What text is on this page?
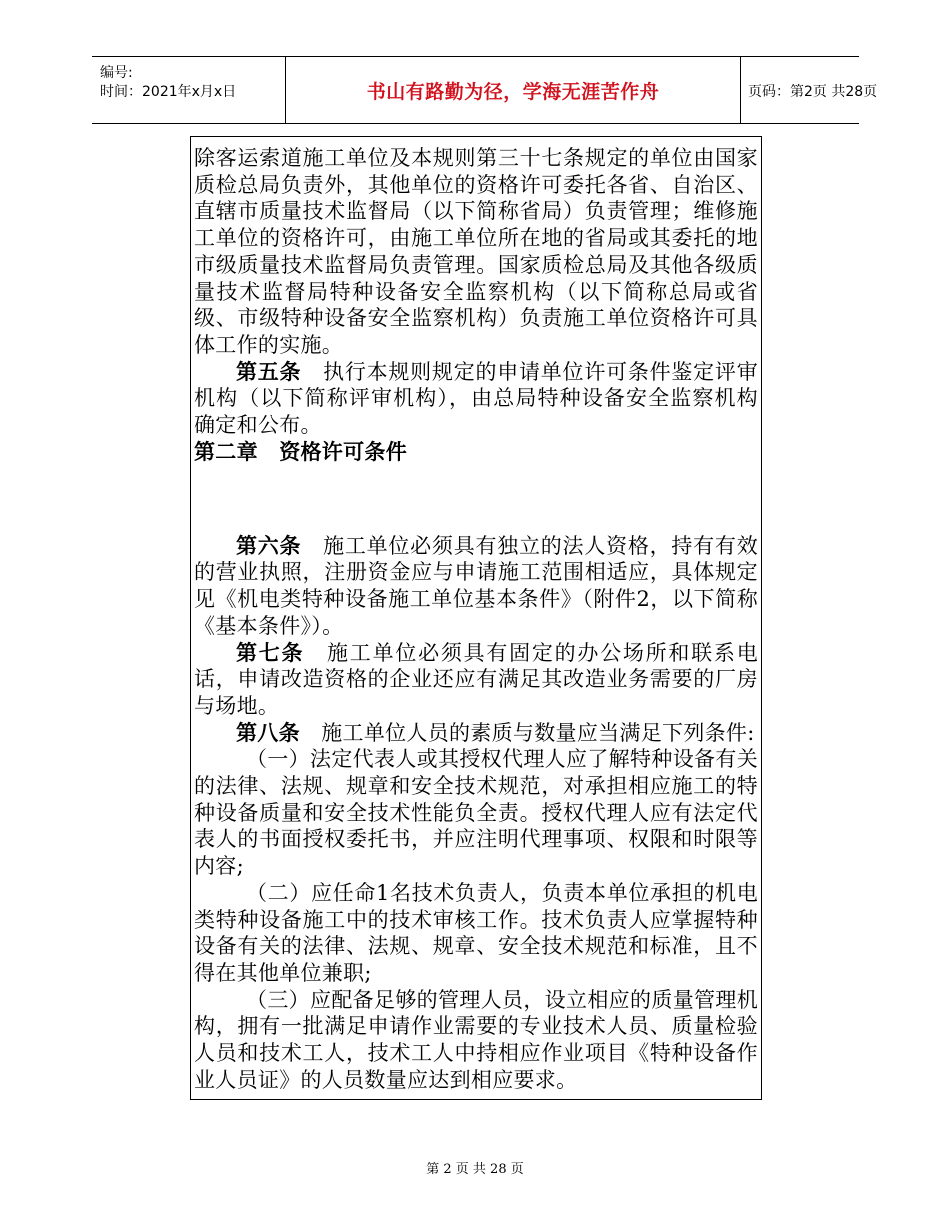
编号:
时间：2021年x月x日	书山有路勤为径，学海无涯苦作舟	页码：第2页 共28页

除客运索道施工单位及本规则第三十七条规定的单位由国家质检总局负责外，其他单位的资格许可委托各省、自治区、直辖市质量技术监督局（以下简称省局）负责管理；维修施工单位的资格许可，由施工单位所在地的省局或其委托的地市级质量技术监督局负责管理。国家质检总局及其他各级质量技术监督局特种设备安全监察机构（以下简称总局或省级、市级特种设备安全监察机构）负责施工单位资格许可具体工作的实施。

第五条　 执行本规则规定的申请单位许可条件鉴定评审机构（以下简称评审机构），由总局特种设备安全监察机构确定和公布。

第二章　资格许可条件

第六条　 施工单位必须具有独立的法人资格，持有有效的营业执照，注册资金应与申请施工范围相适应，具体规定见《机电类特种设备施工单位基本条件》（附件2，以下简称《基本条件》）。

第七条　 施工单位必须具有固定的办公场所和联系电话，申请改造资格的企业还应有满足其改造业务需要的厂房与场地。

第八条　 施工单位人员的素质与数量应当满足下列条件:

（一）法定代表人或其授权代理人应了解特种设备有关的法律、法规、规章和安全技术规范，对承担相应施工的特种设备质量和安全技术性能负全责。授权代理人应有法定代表人的书面授权委托书，并应注明代理事项、权限和时限等内容;

（二）应任命1名技术负责人，负责本单位承担的机电类特种设备施工中的技术审核工作。技术负责人应掌握特种设备有关的法律、法规、规章、安全技术规范和标准，且不得在其他单位兼职;

（三）应配备足够的管理人员，设立相应的质量管理机构，拥有一批满足申请作业需要的专业技术人员、质量检验人员和技术工人，技术工人中持相应作业项目《特种设备作业人员证》的人员数量应达到相应要求。

第 2 页 共 28 页
